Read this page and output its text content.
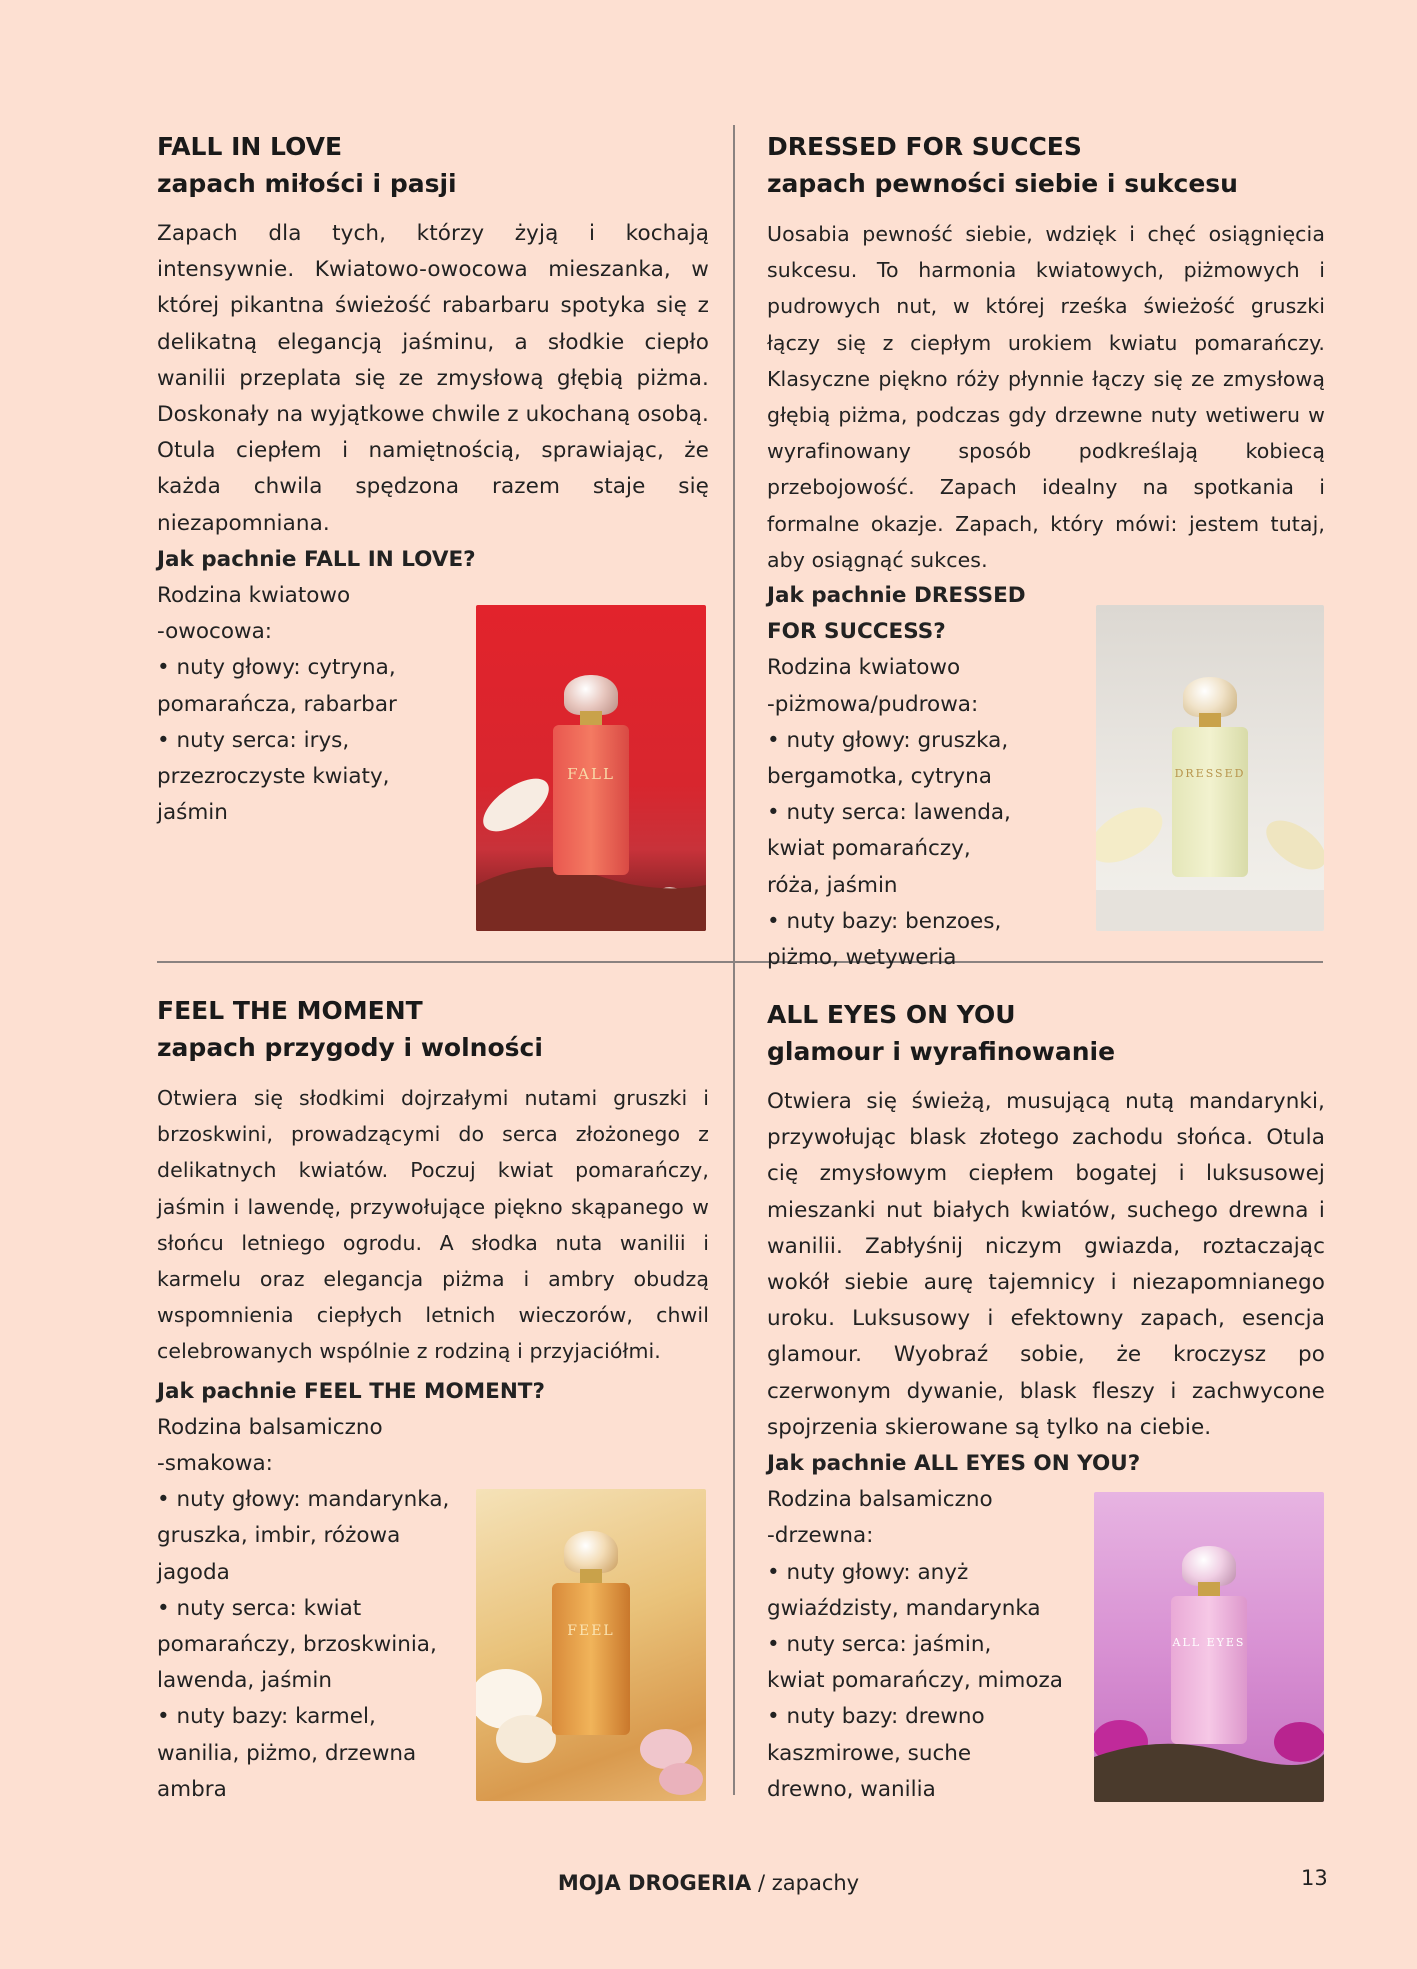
FALL IN LOVE
zapach miłości i pasji

Zapach dla tych, którzy żyją i kochają intensywnie. Kwiatowo-owocowa mieszanka, w której pikantna świeżość rabarbaru spotyka się z delikatną elegancją jaśminu, a słodkie ciepło wanilii przeplata się ze zmysłową głębią piżma. Doskonały na wyjątkowe chwile z ukochaną osobą. Otula ciepłem i namiętnością, sprawiając, że każda chwila spędzona razem staje się niezapomniana.

Jak pachnie FALL IN LOVE?

Rodzina kwiatowo
-owocowa:
• nuty głowy: cytryna,
pomarańcza, rabarbar
• nuty serca: irys,
przezroczyste kwiaty,
jaśmin
FALL
DRESSED FOR SUCCES
zapach pewności siebie i sukcesu

Uosabia pewność siebie, wdzięk i chęć osiągnięcia sukcesu. To harmonia kwiatowych, piżmowych i pudrowych nut, w której rześka świeżość gruszki łączy się z ciepłym urokiem kwiatu pomarańczy. Klasyczne piękno róży płynnie łączy się ze zmysłową głębią piżma, podczas gdy drzewne nuty wetiweru w wyrafinowany sposób podkreślają kobiecą przebojowość. Zapach idealny na spotkania i formalne okazje. Zapach, który mówi: jestem tutaj, aby osiągnąć sukces.

Jak pachnie DRESSED

FOR SUCCESS?

Rodzina kwiatowo
-piżmowa/pudrowa:
• nuty głowy: gruszka,
bergamotka, cytryna
• nuty serca: lawenda,
kwiat pomarańczy,
róża, jaśmin
• nuty bazy: benzoes,
piżmo, wetyweria
DRESSED
FEEL THE MOMENT
zapach przygody i wolności

Otwiera się słodkimi dojrzałymi nutami gruszki i brzoskwini, prowadzącymi do serca złożonego z delikatnych kwiatów. Poczuj kwiat pomarańczy, jaśmin i lawendę, przywołujące piękno skąpanego w słońcu letniego ogrodu. A słodka nuta wanilii i karmelu oraz elegancja piżma i ambry obudzą wspomnienia ciepłych letnich wieczorów, chwil celebrowanych wspólnie z rodziną i przyjaciółmi.

Jak pachnie FEEL THE MOMENT?

Rodzina balsamiczno
-smakowa:
• nuty głowy: mandarynka,
gruszka, imbir, różowa
jagoda
• nuty serca: kwiat
pomarańczy, brzoskwinia,
lawenda, jaśmin
• nuty bazy: karmel,
wanilia, piżmo, drzewna
ambra
FEEL
ALL EYES ON YOU
glamour i wyrafinowanie

Otwiera się świeżą, musującą nutą mandarynki, przywołując blask złotego zachodu słońca. Otula cię zmysłowym ciepłem bogatej i luksusowej mieszanki nut białych kwiatów, suchego drewna i wanilii. Zabłyśnij niczym gwiazda, roztaczając wokół siebie aurę tajemnicy i niezapomnianego uroku. Luksusowy i efektowny zapach, esencja glamour. Wyobraź sobie, że kroczysz po czerwonym dywanie, blask fleszy i zachwycone spojrzenia skierowane są tylko na ciebie.

Jak pachnie ALL EYES ON YOU?

Rodzina balsamiczno
-drzewna:
• nuty głowy: anyż
gwiaździsty, mandarynka
• nuty serca: jaśmin,
kwiat pomarańczy, mimoza
• nuty bazy: drewno
kaszmirowe, suche
drewno, wanilia
ALL EYES
MOJA DROGERIA / zapachy	13
